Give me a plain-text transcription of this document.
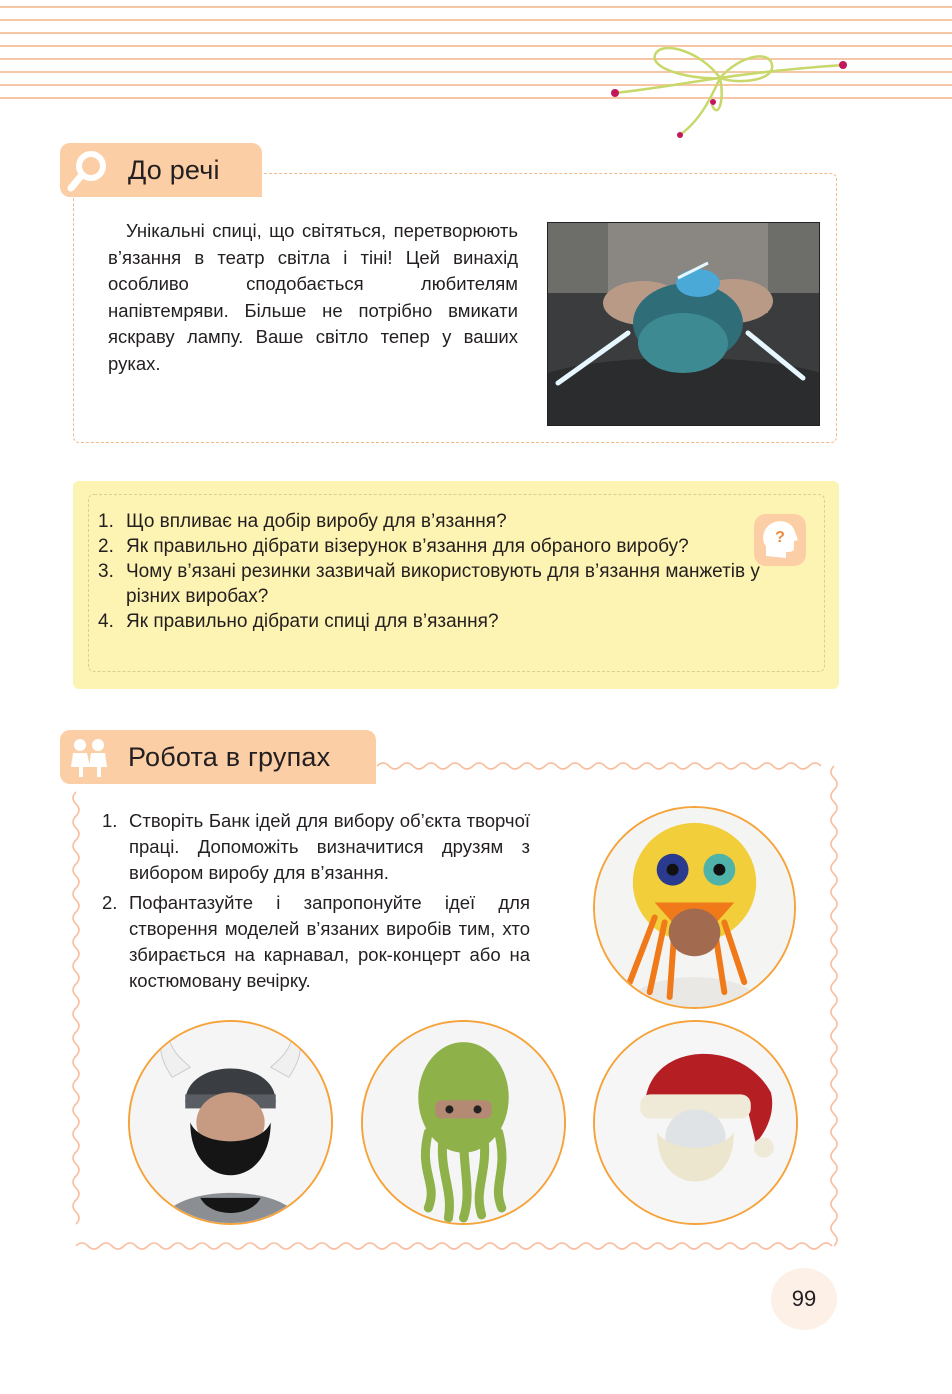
До речі

Унікальні спиці, що світяться, перетворюють в’язання в театр світла і тіні! Цей винахід особливо сподобається любителям напівтемряви. Більше не потрібно вмикати яскраву лампу. Ваше світло тепер у ваших руках.

1. Що впливає на добір виробу для в’язання?
2. Як правильно дібрати візерунок в’язання для обраного виробу?
3. Чому в’язані резинки зазвичай використовують для в’язання манжетів у різних виробах?
4. Як правильно дібрати спиці для в’язання?
?
Робота в групах
1. Створіть Банк ідей для вибору об’єкта творчої праці. Допоможіть визначитися друзям з вибором виробу для в’язання.
2. Пофантазуйте і запропонуйте ідеї для створення моделей в’язаних виробів тим, хто збирається на карнавал, рок-концерт або на костюмовану вечірку.
99
